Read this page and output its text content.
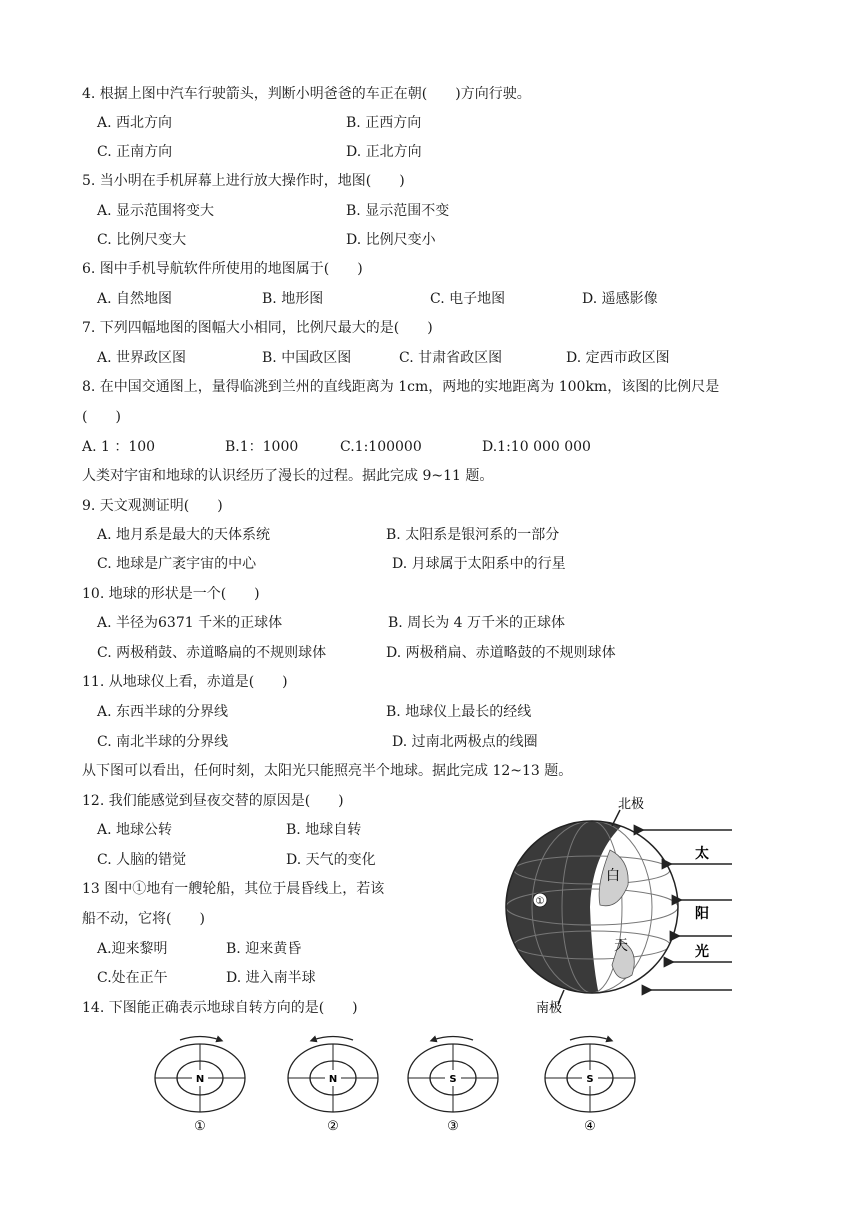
4. 根据上图中汽车行驶箭头，判断小明爸爸的车正在朝(　　)方向行驶。
A. 西北方向	B. 正西方向
C. 正南方向	D. 正北方向
5. 当小明在手机屏幕上进行放大操作时，地图(　　)
A. 显示范围将变大	B. 显示范围不变
C. 比例尺变大	D. 比例尺变小
6. 图中手机导航软件所使用的地图属于(　　)
A. 自然地图	B. 地形图	C. 电子地图	D. 遥感影像
7. 下列四幅地图的图幅大小相同，比例尺最大的是(　　)
A. 世界政区图	B. 中国政区图	C. 甘肃省政区图	D. 定西市政区图
8. 在中国交通图上，量得临洮到兰州的直线距离为 1cm，两地的实地距离为 100km，该图的比例尺是
(　　)
A. 1 ：100	B.1：1000	C.1:100000	D.1:10 000 000
人类对宇宙和地球的认识经历了漫长的过程。据此完成 9~11 题。
9. 天文观测证明(　　)
A. 地月系是最大的天体系统	B. 太阳系是银河系的一部分
C. 地球是广袤宇宙的中心	D. 月球属于太阳系中的行星
10. 地球的形状是一个(　　)
A. 半径为6371 千米的正球体	B. 周长为 4 万千米的正球体
C. 两极稍鼓、赤道略扁的不规则球体	D. 两极稍扁、赤道略鼓的不规则球体
11. 从地球仪上看，赤道是(　　)
A. 东西半球的分界线	B. 地球仪上最长的经线
C. 南北半球的分界线	D. 过南北两极点的线圈
从下图可以看出，任何时刻，太阳光只能照亮半个地球。据此完成 12~13 题。
12. 我们能感觉到昼夜交替的原因是(　　)
A. 地球公转	B. 地球自转
C. 人脑的错觉	D. 天气的变化
13 图中①地有一艘轮船，其位于晨昏线上，若该
船不动，它将(　　)
A.迎来黎明	B. 迎来黄昏
C.处在正午	D. 进入南半球
14. 下图能正确表示地球自转方向的是(　　)
①
白
天
北极
南极
太
阳
光
N
①
N
②
S
③
S
④
